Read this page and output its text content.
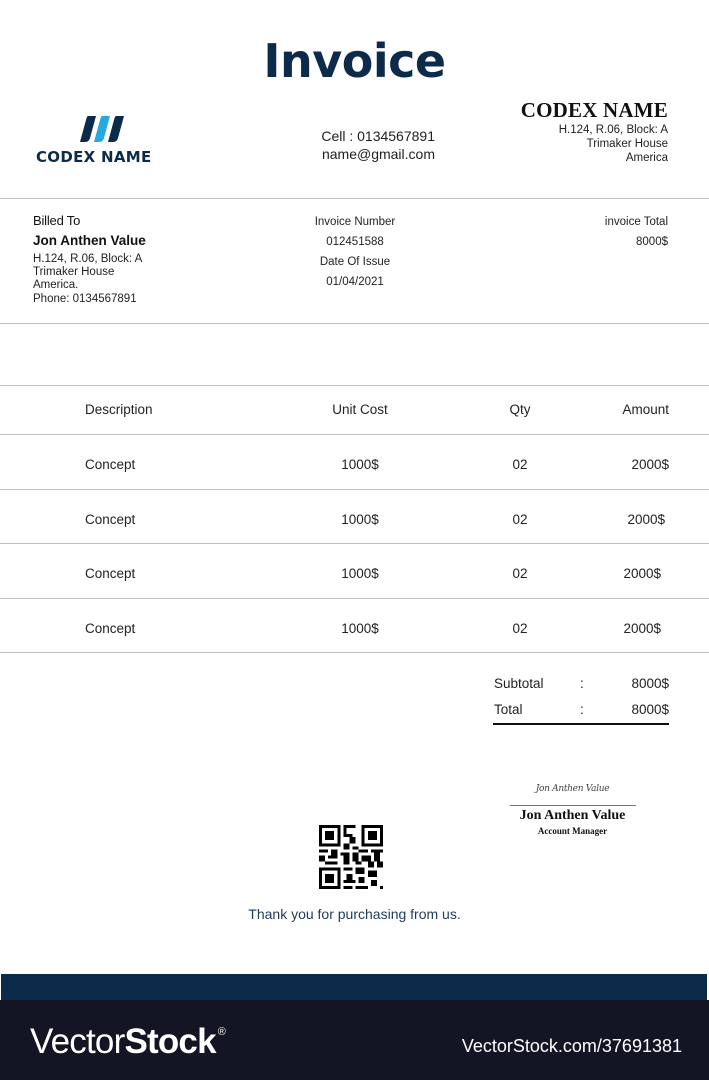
Invoice
CODEX NAME
Cell : 0134567891
name@gmail.com
CODEX NAME
H.124, R.06, Block: A
Trimaker House
America
Billed To
Jon Anthen Value
H.124, R.06, Block: A
Trimaker House
America.
Phone: 0134567891
Invoice Number
012451588
Date Of Issue
01/04/2021
invoice Total
8000$
Description	Unit Cost	Qty	Amount
Concept	1000$	02	2000$
Concept	1000$	02	2000$
Concept	1000$	02	2000$
Concept	1000$	02	2000$
Subtotal	:	8000$
Total	:	8000$
Jon Anthen Value
Jon Anthen Value
Account Manager
Thank you for purchasing from us.
VectorStock ®
VectorStock.com/37691381
